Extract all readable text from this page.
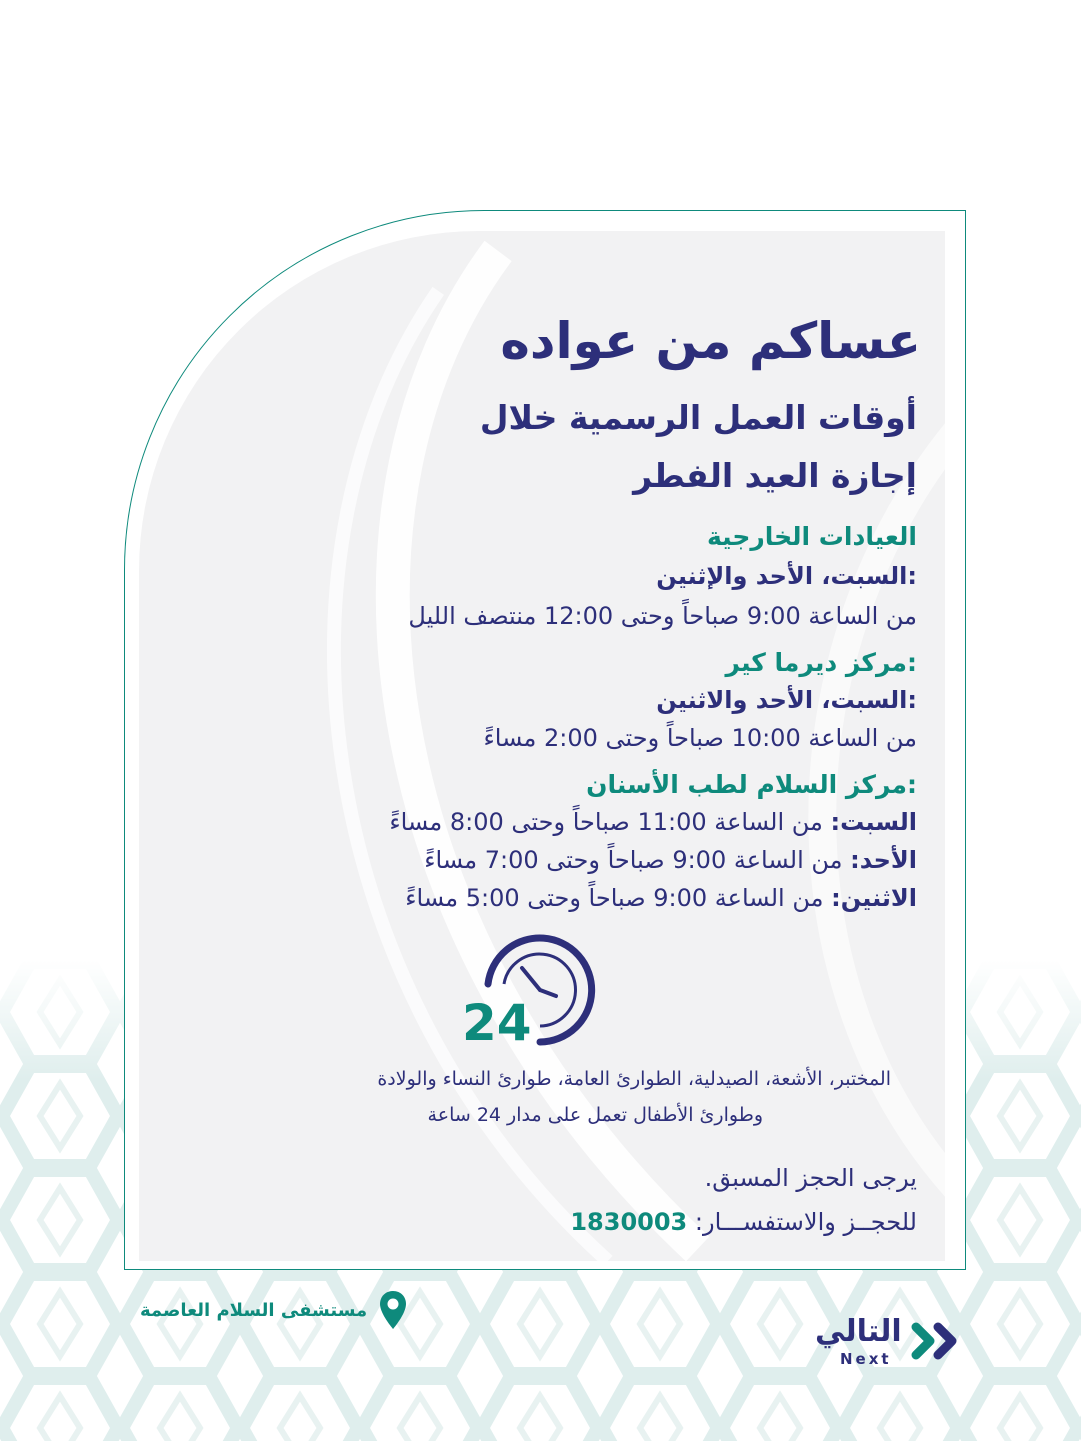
عساكم من عواده
أوقات العمل الرسمية خلال
إجازة العيد الفطر
العيادات الخارجية
السبت، الأحد والإثنين:
من الساعة 9:00 صباحاً وحتى 12:00 منتصف الليل
مركز ديرما كير:
السبت، الأحد والاثنين:
من الساعة 10:00 صباحاً وحتى 2:00 مساءً
مركز السلام لطب الأسنان:
السبت: من الساعة 11:00 صباحاً وحتى 8:00 مساءً
الأحد: من الساعة 9:00 صباحاً وحتى 7:00 مساءً
الاثنين: من الساعة 9:00 صباحاً وحتى 5:00 مساءً
24
المختبر، الأشعة، الصيدلية، الطوارئ العامة، طوارئ النساء والولادة
وطوارئ الأطفال تعمل على مدار 24 ساعة
يرجى الحجز المسبق.
للحجــز والاستفســـار: 1830003
مستشفى السلام العاصمة
التالي
Next
